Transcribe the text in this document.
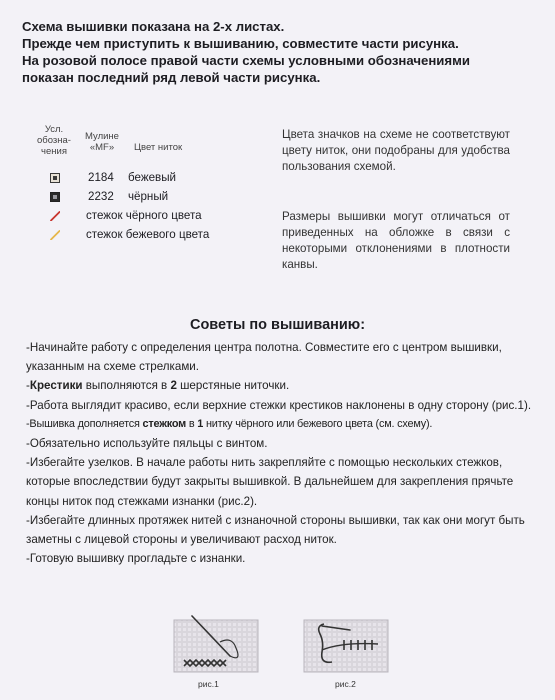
Схема вышивки показана на 2-х листах.
Прежде чем приступить к вышиванию, совместите части рисунка.
На розовой полосе правой части схемы условными обозначениями
показан последний ряд левой части рисунка.
Усл.
обозна-
чения
Мулине
«MF»	Цвет ниток
2184 бежевый
2232 чёрный
стежок чёрного цвета
стежок бежевого цвета
Цвета значков на схеме не соответствуют цвету ниток, они подобраны для удобства пользования схемой.
Размеры вышивки могут отличаться от приведенных на обложке в связи с некоторыми отклонениями в плотности канвы.
Советы по вышиванию:

-Начинайте работу с определения центра полотна. Совместите его с центром вышивки, указанным на схеме стрелками.

-Крестики выполняются в 2 шерстяные ниточки.

-Работа выглядит красиво, если верхние стежки крестиков наклонены в одну сторону (рис.1).

-Вышивка дополняется стежком в 1 нитку чёрного или бежевого цвета (см. схему).

-Обязательно используйте пяльцы с винтом.

-Избегайте узелков. В начале работы нить закрепляйте с помощью нескольких стежков, которые впоследствии будут закрыты вышивкой. В дальнейшем для закрепления прячьте концы ниток под стежками изнанки (рис.2).

-Избегайте длинных протяжек нитей с изнаночной стороны вышивки, так как они могут быть заметны с лицевой стороны и увеличивают расход ниток.

-Готовую вышивку прогладьте с изнанки.

рис.1	рис.2
